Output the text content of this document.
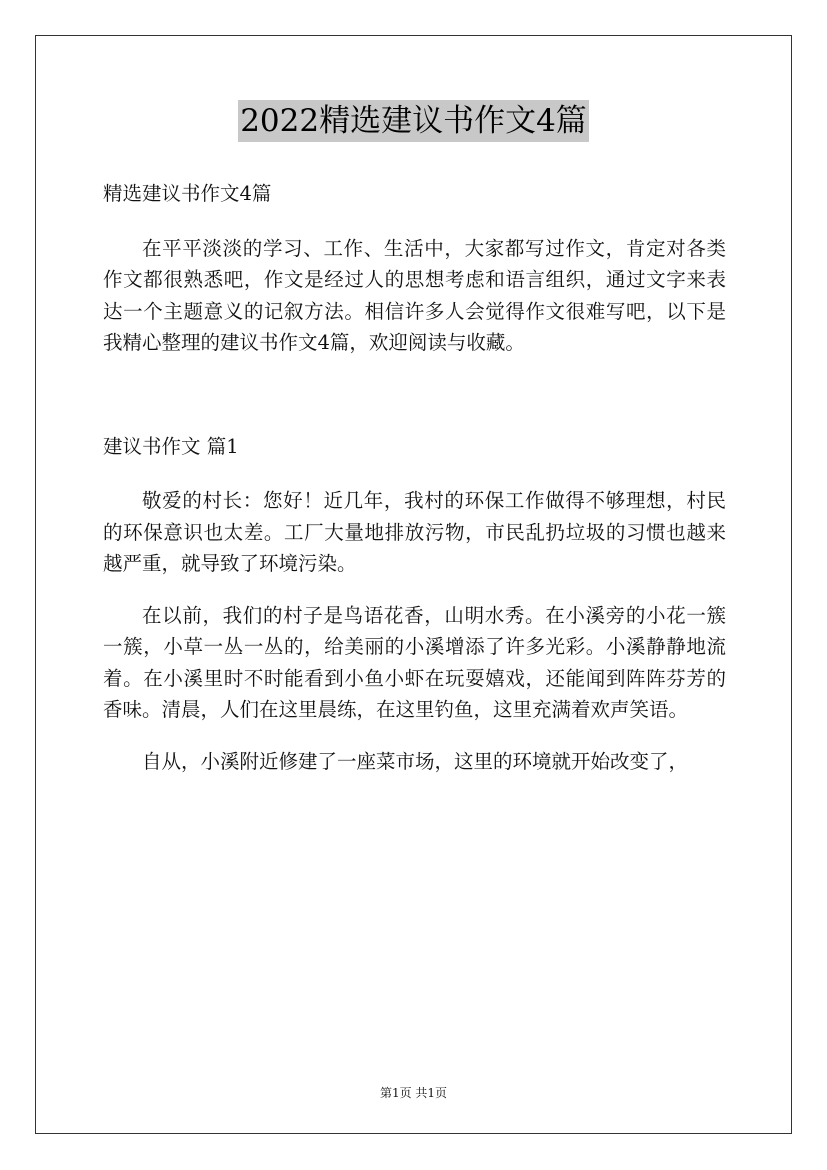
2022精选建议书作文4篇

精选建议书作文4篇

在平平淡淡的学习、工作、生活中，大家都写过作文，肯定对各类作文都很熟悉吧，作文是经过人的思想考虑和语言组织，通过文字来表达一个主题意义的记叙方法。相信许多人会觉得作文很难写吧，以下是我精心整理的建议书作文4篇，欢迎阅读与收藏。

建议书作文 篇1

敬爱的村长：您好！近几年，我村的环保工作做得不够理想，村民的环保意识也太差。工厂大量地排放污物，市民乱扔垃圾的习惯也越来越严重，就导致了环境污染。

在以前，我们的村子是鸟语花香，山明水秀。在小溪旁的小花一簇一簇，小草一丛一丛的，给美丽的小溪增添了许多光彩。小溪静静地流着。在小溪里时不时能看到小鱼小虾在玩耍嬉戏，还能闻到阵阵芬芳的香味。清晨，人们在这里晨练，在这里钓鱼，这里充满着欢声笑语。

自从，小溪附近修建了一座菜市场，这里的环境就开始改变了，

第1页 共1页
